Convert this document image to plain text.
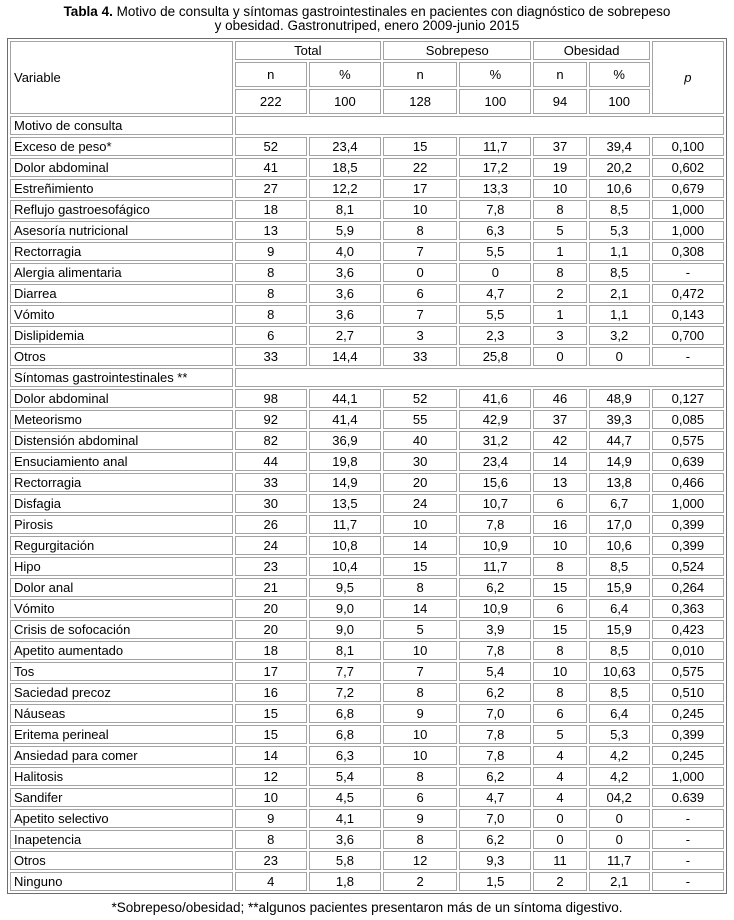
Tabla 4. Motivo de consulta y síntomas gastrointestinales en pacientes con diagnóstico de sobrepeso
y obesidad. Gastronutriped, enero 2009-junio 2015
Variable	Total		Sobrepeso		Obesidad		p
	n	%	n	%	n	%	
	222	100	128	100	94	100	
Motivo de consulta							
Exceso de peso*	52	23,4	15	11,7	37	39,4	0,100
Dolor abdominal	41	18,5	22	17,2	19	20,2	0,602
Estreñimiento	27	12,2	17	13,3	10	10,6	0,679
Reflujo gastroesofágico	18	8,1	10	7,8	8	8,5	1,000
Asesoría nutricional	13	5,9	8	6,3	5	5,3	1,000
Rectorragia	9	4,0	7	5,5	1	1,1	0,308
Alergia alimentaria	8	3,6	0	0	8	8,5	-
Diarrea	8	3,6	6	4,7	2	2,1	0,472
Vómito	8	3,6	7	5,5	1	1,1	0,143
Dislipidemia	6	2,7	3	2,3	3	3,2	0,700
Otros	33	14,4	33	25,8	0	0	-
Síntomas gastrointestinales **							
Dolor abdominal	98	44,1	52	41,6	46	48,9	0,127
Meteorismo	92	41,4	55	42,9	37	39,3	0,085
Distensión abdominal	82	36,9	40	31,2	42	44,7	0,575
Ensuciamiento anal	44	19,8	30	23,4	14	14,9	0,639
Rectorragia	33	14,9	20	15,6	13	13,8	0,466
Disfagia	30	13,5	24	10,7	6	6,7	1,000
Pirosis	26	11,7	10	7,8	16	17,0	0,399
Regurgitación	24	10,8	14	10,9	10	10,6	0,399
Hipo	23	10,4	15	11,7	8	8,5	0,524
Dolor anal	21	9,5	8	6,2	15	15,9	0,264
Vómito	20	9,0	14	10,9	6	6,4	0,363
Crisis de sofocación	20	9,0	5	3,9	15	15,9	0,423
Apetito aumentado	18	8,1	10	7,8	8	8,5	0,010
Tos	17	7,7	7	5,4	10	10,63	0,575
Saciedad precoz	16	7,2	8	6,2	8	8,5	0,510
Náuseas	15	6,8	9	7,0	6	6,4	0,245
Eritema perineal	15	6,8	10	7,8	5	5,3	0,399
Ansiedad para comer	14	6,3	10	7,8	4	4,2	0,245
Halitosis	12	5,4	8	6,2	4	4,2	1,000
Sandifer	10	4,5	6	4,7	4	04,2	0.639
Apetito selectivo	9	4,1	9	7,0	0	0	-
Inapetencia	8	3,6	8	6,2	0	0	-
Otros	23	5,8	12	9,3	11	11,7	-
Ninguno	4	1,8	2	1,5	2	2,1	-
*Sobrepeso/obesidad; **algunos pacientes presentaron más de un síntoma digestivo.
